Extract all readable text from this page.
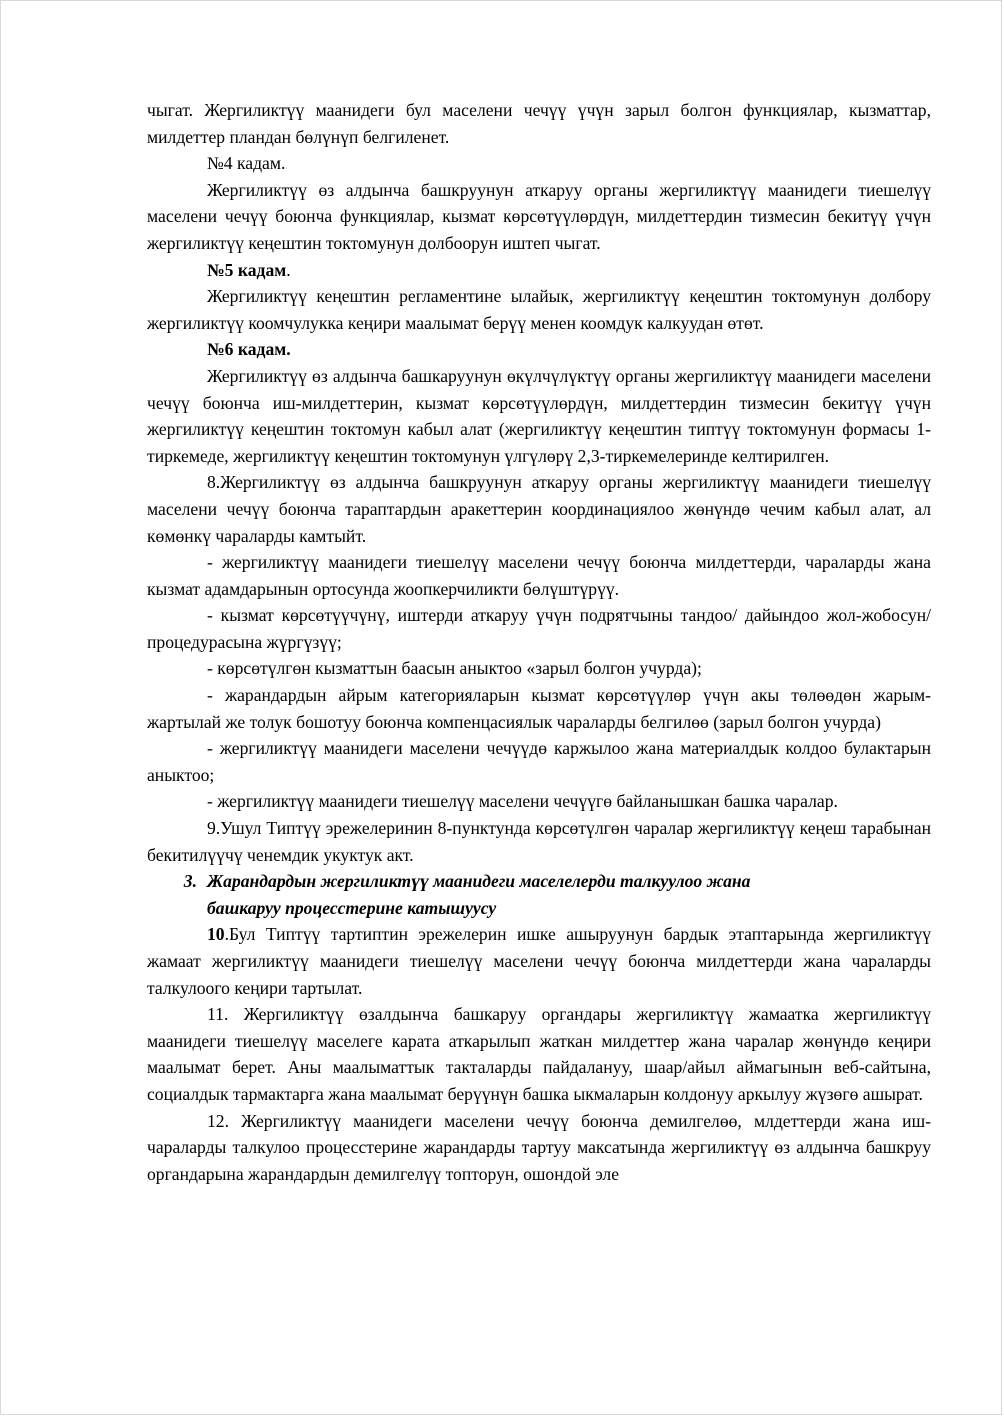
чыгат. Жергиликтүү маанидеги бул маселени чечүү үчүн зарыл болгон функциялар, кызматтар, милдеттер пландан бөлүнүп белгиленет.

№4 кадам.

Жергиликтүү өз алдынча башкруунун аткаруу органы жергиликтүү маанидеги тиешелүү маселени чечүү боюнча функциялар, кызмат көрсөтүүлөрдүн, милдеттердин тизмесин бекитүү үчүн жергиликтүү кеңештин токтомунун долбоорун иштеп чыгат.

№5 кадам.

Жергиликтүү кеңештин регламентине ылайык, жергиликтүү кеңештин токтомунун долбору жергиликтүү коомчулукка кеңири маалымат берүү менен коомдук калкуудан өтөт.

№6 кадам.

Жергиликтүү өз алдынча башкаруунун өкүлчүлүктүү органы жергиликтүү маанидеги маселени чечүү боюнча иш-милдеттерин, кызмат көрсөтүүлөрдүн, милдеттердин тизмесин бекитүү үчүн жергиликтүү кеңештин токтомун кабыл алат (жергиликтүү кеңештин типтүү токтомунун формасы 1-тиркемеде, жергиликтүү кеңештин токтомунун үлгүлөрү 2,3-тиркемелеринде келтирилген.

8.Жергиликтүү өз алдынча башкруунун аткаруу органы жергиликтүү маанидеги тиешелүү маселени чечүү боюнча тараптардын аракеттерин координациялоо жөнүндө чечим кабыл алат, ал көмөнкү чараларды камтыйт.

- жергиликтүү маанидеги тиешелүү маселени чечүү боюнча милдеттерди, чараларды жана кызмат адамдарынын ортосунда жоопкерчиликти бөлүштүрүү.

- кызмат көрсөтүүчүнү, иштерди аткаруу үчүн подрятчыны тандоо/ дайындоо жол-жобосун/ процедурасына жүргүзүү;

- көрсөтүлгөн кызматтын баасын аныктоо «зарыл болгон учурда);

- жарандардын айрым категорияларын кызмат көрсөтүүлөр үчүн акы төлөөдөн жарым-жартылай же толук бошотуу боюнча компенцасиялык чараларды белгилөө (зарыл болгон учурда)

- жергиликтүү маанидеги маселени чечүүдө каржылоо жана материалдык колдоо булактарын аныктоо;

- жергиликтүү маанидеги тиешелүү маселени чечүүгө байланышкан башка чаралар.

9.Ушул Типтүү эрежелеринин 8-пунктунда көрсөтүлгөн чаралар жергиликтүү кеңеш тарабынан бекитилүүчү ченемдик укуктук акт.

3. Жарандардын жергиликтүү маанидеги маселелерди талкуулоо жана
башкаруу процесстерине катышуусу

10.Бул Типтүү тартиптин эрежелерин ишке ашыруунун бардык этаптарында жергиликтүү жамаат жергиликтүү маанидеги тиешелүү маселени чечүү боюнча милдеттерди жана чараларды талкулоого кеңири тартылат.

11. Жергиликтүү өзалдынча башкаруу органдары жергиликтүү жамаатка жергиликтүү маанидеги тиешелүү маселеге карата аткарылып жаткан милдеттер жана чаралар жөнүндө кеңири маалымат берет. Аны маалыматтык такталарды пайдалануу, шаар/айыл аймагынын веб-сайтына, социалдык тармактарга жана маалымат берүүнүн башка ыкмаларын колдонуу аркылуу жүзөгө ашырат.

12. Жергиликтүү маанидеги маселени чечүү боюнча демилгелөө, млдеттерди жана иш-чараларды талкулоо процесстерине жарандарды тартуу максатында жергиликтүү өз алдынча башкруу органдарына жарандардын демилгелүү топторун, ошондой эле
